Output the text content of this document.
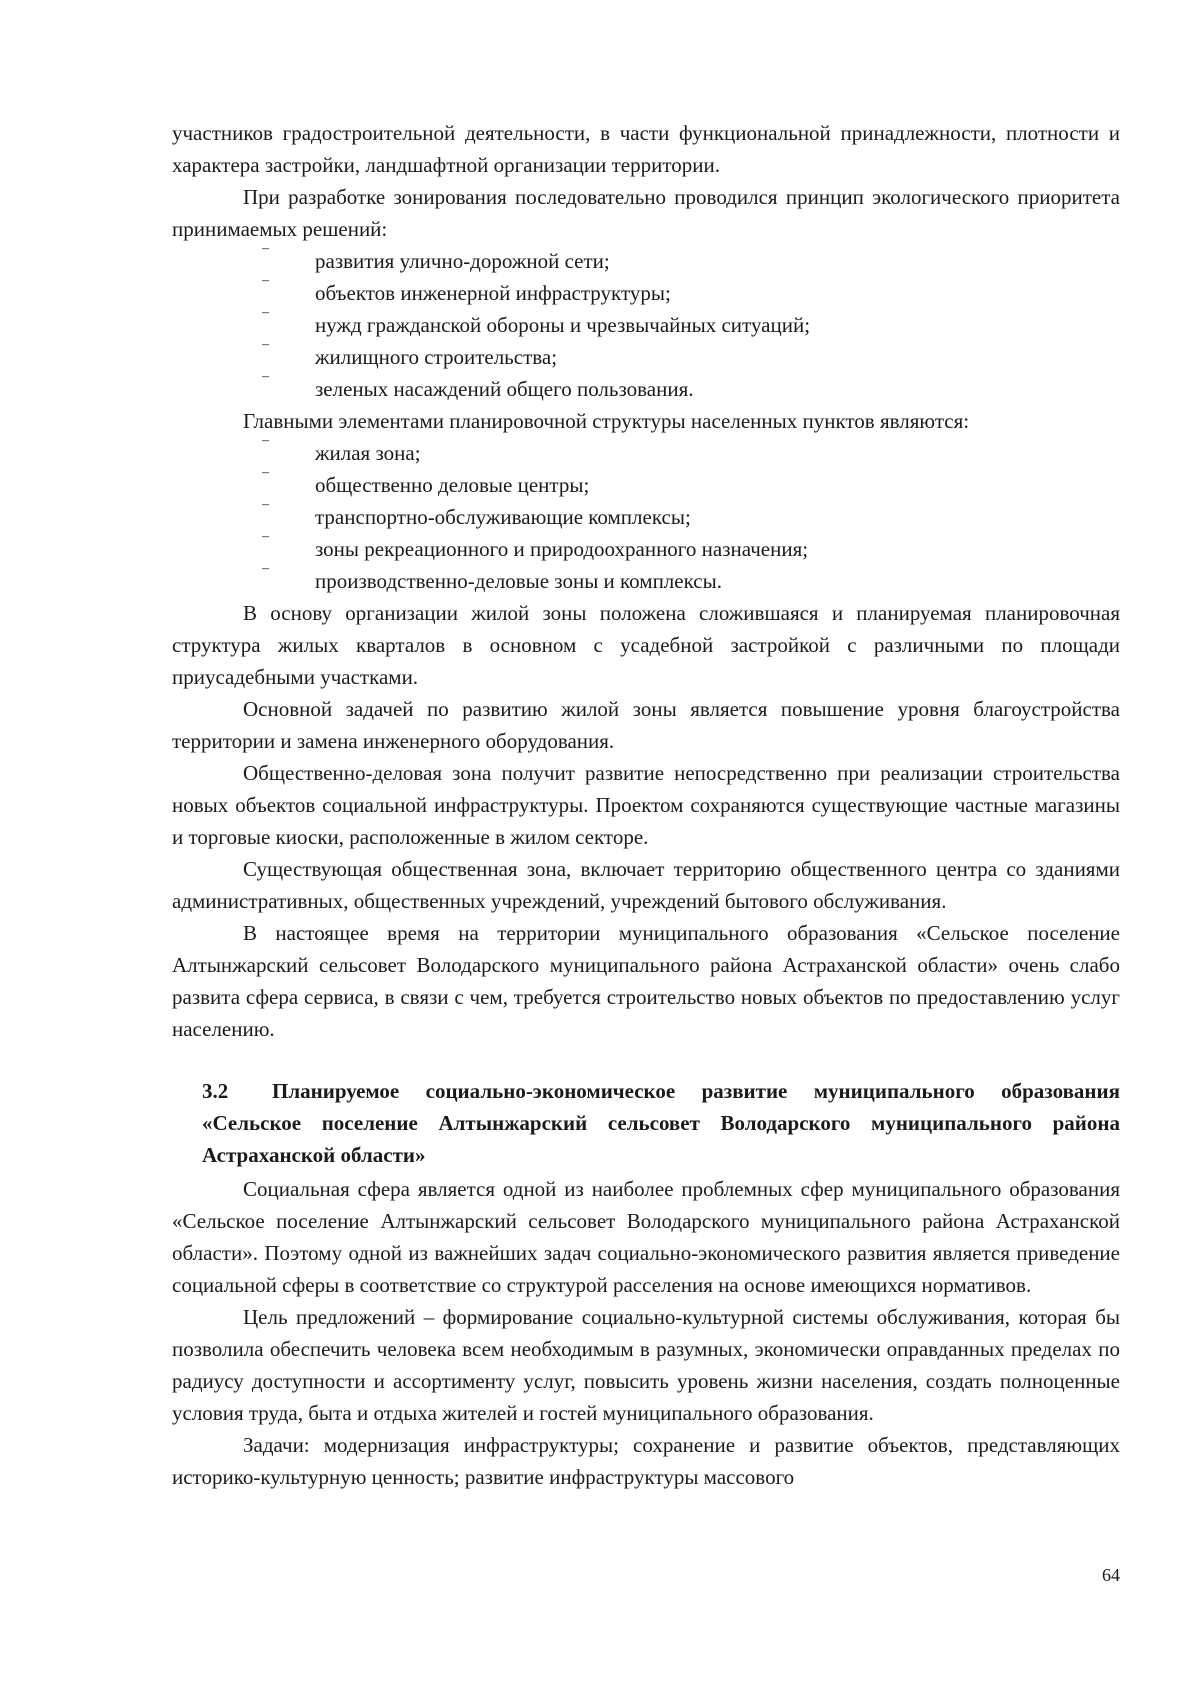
участников градостроительной деятельности, в части функциональной принадлежности, плотности и характера застройки, ландшафтной организации территории.

При разработке зонирования последовательно проводился принцип экологического приоритета принимаемых решений:

–
развития улично-дорожной сети;
–
объектов инженерной инфраструктуры;
–
нужд гражданской обороны и чрезвычайных ситуаций;
–
жилищного строительства;
–
зеленых насаждений общего пользования.

Главными элементами планировочной структуры населенных пунктов являются:

–
жилая зона;
–
общественно деловые центры;
–
транспортно-обслуживающие комплексы;
–
зоны рекреационного и природоохранного назначения;
–
производственно-деловые зоны и комплексы.

В основу организации жилой зоны положена сложившаяся и планируемая планировочная структура жилых кварталов в основном с усадебной застройкой с различными по площади приусадебными участками.

Основной задачей по развитию жилой зоны является повышение уровня благоустройства территории и замена инженерного оборудования.

Общественно-деловая зона получит развитие непосредственно при реализации строительства новых объектов социальной инфраструктуры. Проектом сохраняются существующие частные магазины и торговые киоски, расположенные в жилом секторе.

Существующая общественная зона, включает территорию общественного центра со зданиями административных, общественных учреждений, учреждений бытового обслуживания.

В настоящее время на территории муниципального образования «Сельское поселение Алтынжарский сельсовет Володарского муниципального района Астраханской области» очень слабо развита сфера сервиса, в связи с чем, требуется строительство новых объектов по предоставлению услуг населению.

3.2	Планируемое социально-экономическое развитие муниципального образования «Сельское поселение Алтынжарский сельсовет Володарского муниципального района Астраханской области»

Социальная сфера является одной из наиболее проблемных сфер муниципального образования «Сельское поселение Алтынжарский сельсовет Володарского муниципального района Астраханской области». Поэтому одной из важнейших задач социально-экономического развития является приведение социальной сферы в соответствие со структурой расселения на основе имеющихся нормативов.

Цель предложений – формирование социально-культурной системы обслуживания, которая бы позволила обеспечить человека всем необходимым в разумных, экономически оправданных пределах по радиусу доступности и ассортименту услуг, повысить уровень жизни населения, создать полноценные условия труда, быта и отдыха жителей и гостей муниципального образования.

Задачи: модернизация инфраструктуры; сохранение и развитие объектов, представляющих историко-культурную ценность; развитие инфраструктуры массового

64
